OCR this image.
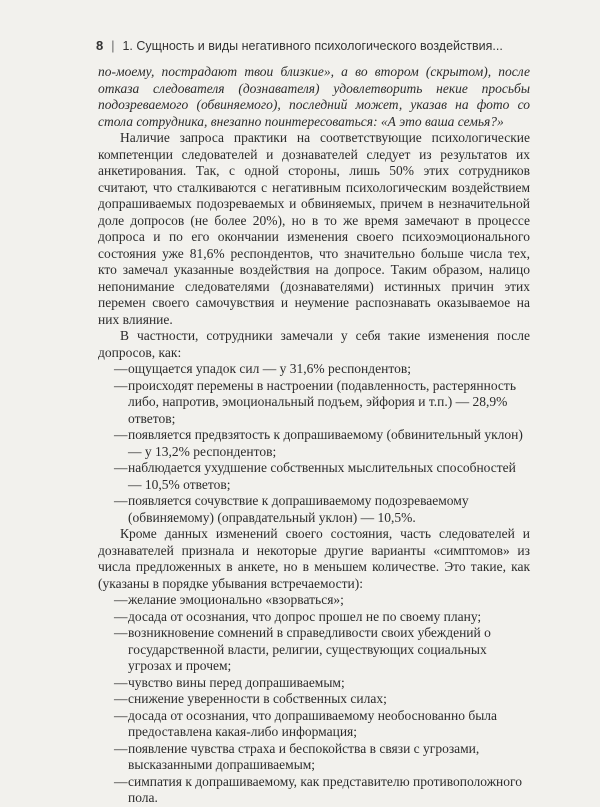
8 | 1. Сущность и виды негативного психологического воздействия...

по-моему, пострадают твои близкие», а во втором (скрытом), после отказа следователя (дознавателя) удовлетворить некие просьбы подозреваемого (обвиняемого), последний может, указав на фото со стола сотрудника, внезапно поинтересоваться: «А это ваша семья?»

Наличие запроса практики на соответствующие психологические компетенции следователей и дознавателей следует из результатов их анкетирования. Так, с одной стороны, лишь 50% этих сотрудников считают, что сталкиваются с негативным психологическим воздействием допрашиваемых подозреваемых и обвиняемых, причем в незначительной доле допросов (не более 20%), но в то же время замечают в процессе допроса и по его окончании изменения своего психоэмоционального состояния уже 81,6% респондентов, что значительно больше числа тех, кто замечал указанные воздействия на допросе. Таким образом, налицо непонимание следователями (дознавателями) истинных причин этих перемен своего самочувствия и неумение распознавать оказываемое на них влияние.

В частности, сотрудники замечали у себя такие изменения после допросов, как:

— ощущается упадок сил — у 31,6% респондентов;
— происходят перемены в настроении (подавленность, растерянность либо, напротив, эмоциональный подъем, эйфория и т.п.) — 28,9% ответов;
— появляется предвзятость к допрашиваемому (обвинительный уклон) — у 13,2% респондентов;
— наблюдается ухудшение собственных мыслительных способностей — 10,5% ответов;
— появляется сочувствие к допрашиваемому подозреваемому (обвиняемому) (оправдательный уклон) — 10,5%.

Кроме данных изменений своего состояния, часть следователей и дознавателей признала и некоторые другие варианты «симптомов» из числа предложенных в анкете, но в меньшем количестве. Это такие, как (указаны в порядке убывания встречаемости):

— желание эмоционально «взорваться»;
— досада от осознания, что допрос прошел не по своему плану;
— возникновение сомнений в справедливости своих убеждений о государственной власти, религии, существующих социальных угрозах и прочем;
— чувство вины перед допрашиваемым;
— снижение уверенности в собственных силах;
— досада от осознания, что допрашиваемому необоснованно была предоставлена какая-либо информация;
— появление чувства страха и беспокойства в связи с угрозами, высказанными допрашиваемым;
— симпатия к допрашиваемому, как представителю противоположного пола.
